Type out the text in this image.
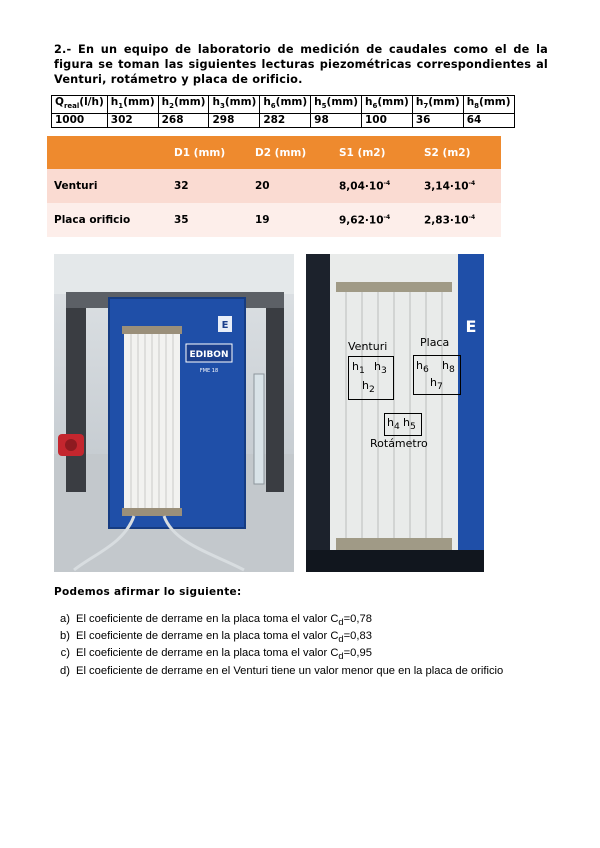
2.- En un equipo de laboratorio de medición de caudales como el de la figura se toman las siguientes lecturas piezométricas correspondientes al Venturi, rotámetro y placa de orificio.
$Q_{real}(l/h)$	$h_1(mm)$	$h_2(mm)$	$h_3(mm)$	$h_6(mm)$	$h_5(mm)$	$h_6(mm)$	$h_7(mm)$	$h_8(mm)$
1000	302	268	298	282	98	100	36	64
	D1 (mm)	D2 (mm)	S1 (m2)	S2 (m2)
Venturi	32	20	$8,04\cdot 10^{-4}$	$3,14\cdot 10^{-4}$
Placa orificio	35	19	$9,62\cdot 10^{-4}$	$2,83\cdot 10^{-4}$
EDIBON
FME 18
E	E
Venturi	Placa
Rotámetro
$h_1$ $h_3$
$h_2$
$h_6$ $h_8$
$h_7$
$h_4$ $h_5$
Podemos afirmar lo siguiente:
a) El coeficiente de derrame en la placa toma el valor $C_d=0,78$
b) El coeficiente de derrame en la placa toma el valor $C_d=0,83$
c) El coeficiente de derrame en la placa toma el valor $C_d=0,95$
d) El coeficiente de derrame en el Venturi tiene un valor menor que en la placa de orificio
